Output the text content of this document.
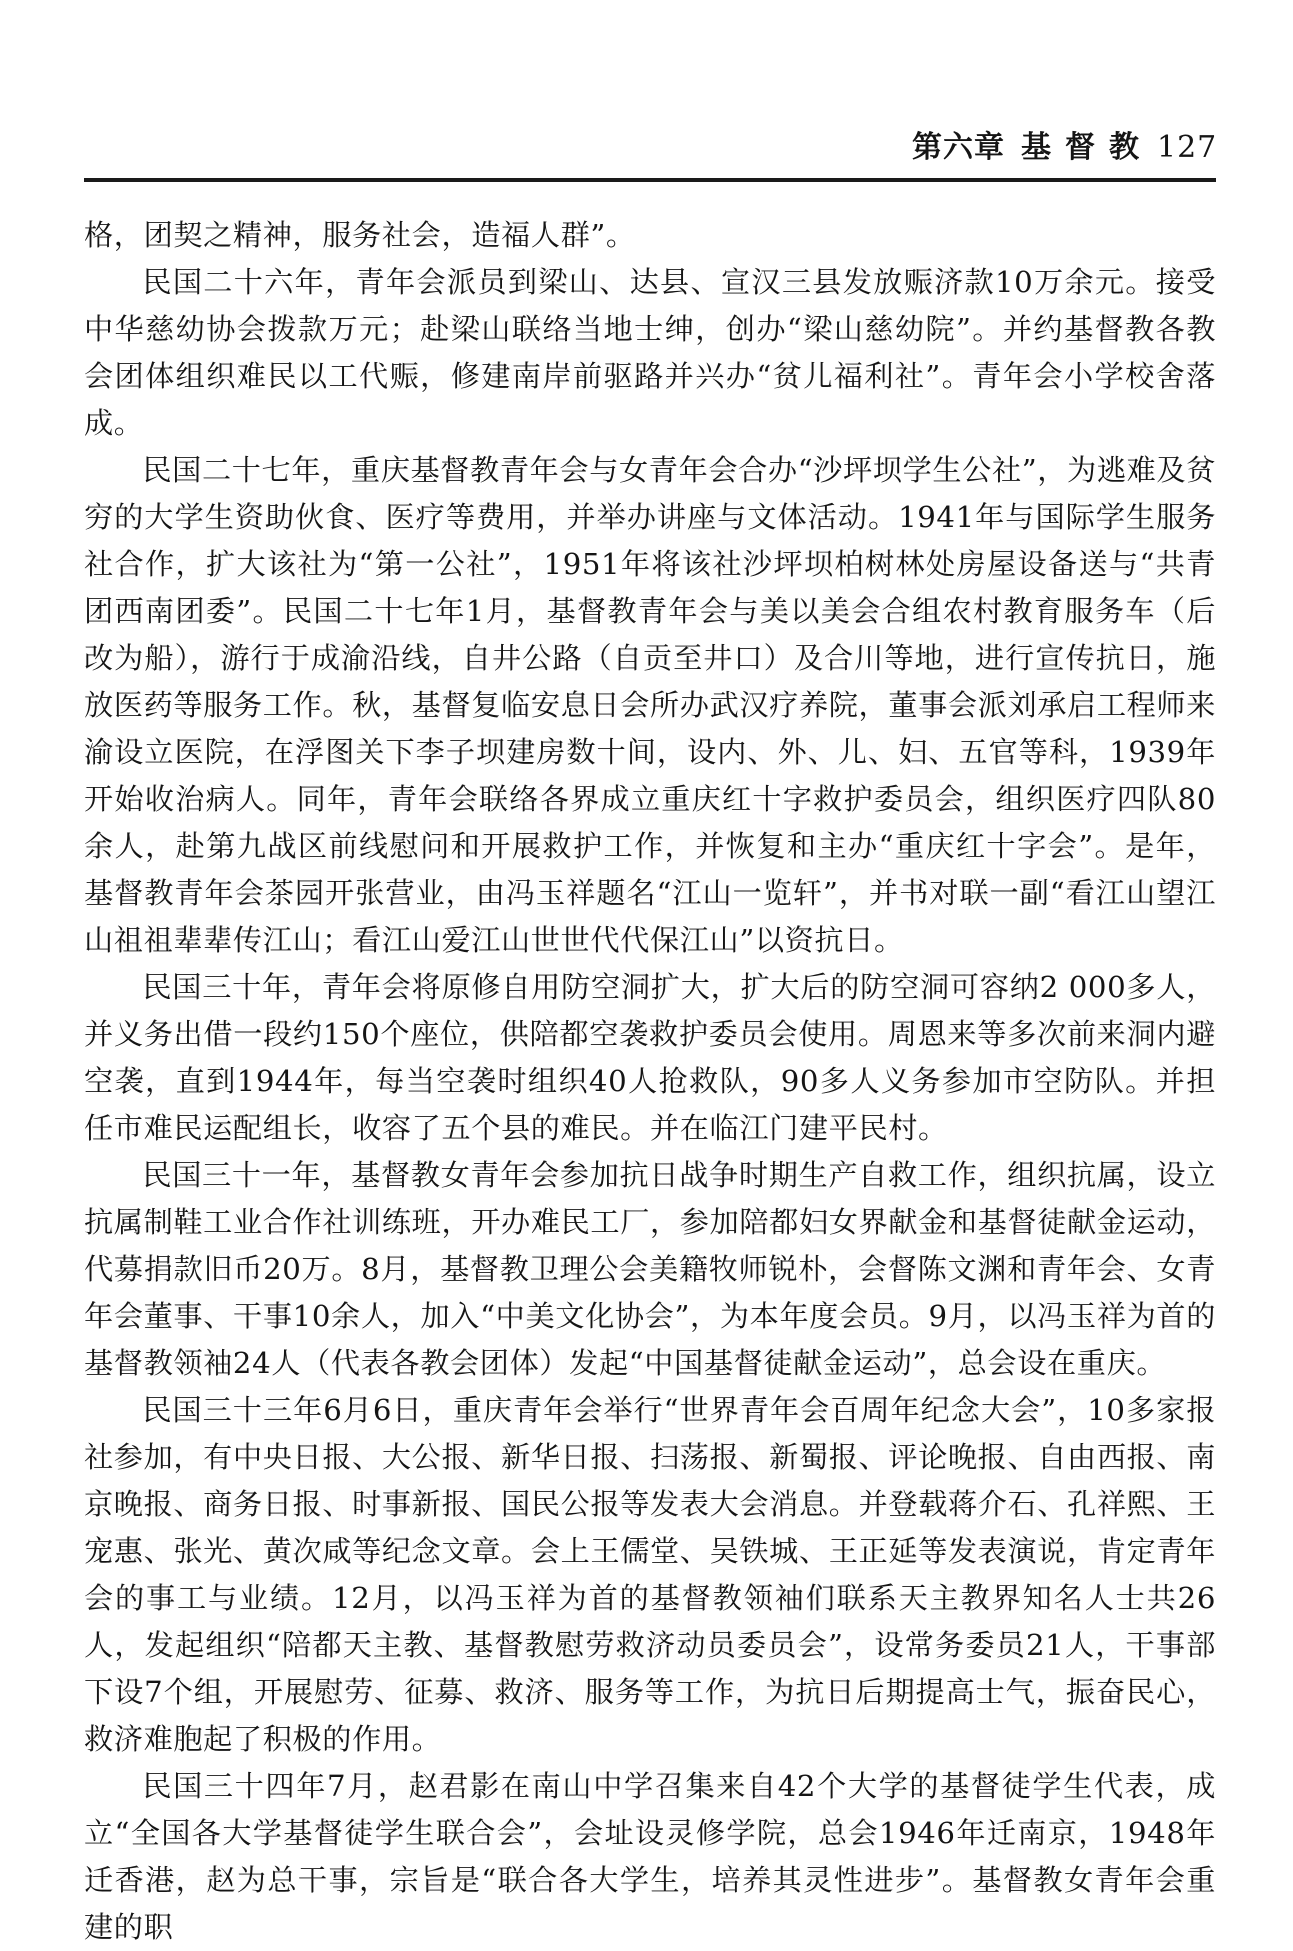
第六章 基督教 127

格，团契之精神，服务社会，造福人群”。

民国二十六年，青年会派员到梁山、达县、宣汉三县发放赈济款10万余元。接受中华慈幼协会拨款万元；赴梁山联络当地士绅，创办“梁山慈幼院”。并约基督教各教会团体组织难民以工代赈，修建南岸前驱路并兴办“贫儿福利社”。青年会小学校舍落成。

民国二十七年，重庆基督教青年会与女青年会合办“沙坪坝学生公社”，为逃难及贫穷的大学生资助伙食、医疗等费用，并举办讲座与文体活动。1941年与国际学生服务社合作，扩大该社为“第一公社”，1951年将该社沙坪坝柏树林处房屋设备送与“共青团西南团委”。民国二十七年1月，基督教青年会与美以美会合组农村教育服务车（后改为船），游行于成渝沿线，自井公路（自贡至井口）及合川等地，进行宣传抗日，施放医药等服务工作。秋，基督复临安息日会所办武汉疗养院，董事会派刘承启工程师来渝设立医院，在浮图关下李子坝建房数十间，设内、外、儿、妇、五官等科，1939年开始收治病人。同年，青年会联络各界成立重庆红十字救护委员会，组织医疗四队80余人，赴第九战区前线慰问和开展救护工作，并恢复和主办“重庆红十字会”。是年，基督教青年会茶园开张营业，由冯玉祥题名“江山一览轩”，并书对联一副“看江山望江山祖祖辈辈传江山；看江山爱江山世世代代保江山”以资抗日。

民国三十年，青年会将原修自用防空洞扩大，扩大后的防空洞可容纳2 000多人，并义务出借一段约150个座位，供陪都空袭救护委员会使用。周恩来等多次前来洞内避空袭，直到1944年，每当空袭时组织40人抢救队，90多人义务参加市空防队。并担任市难民运配组长，收容了五个县的难民。并在临江门建平民村。

民国三十一年，基督教女青年会参加抗日战争时期生产自救工作，组织抗属，设立抗属制鞋工业合作社训练班，开办难民工厂，参加陪都妇女界献金和基督徒献金运动，代募捐款旧币20万。8月，基督教卫理公会美籍牧师锐朴，会督陈文渊和青年会、女青年会董事、干事10余人，加入“中美文化协会”，为本年度会员。9月，以冯玉祥为首的基督教领袖24人（代表各教会团体）发起“中国基督徒献金运动”，总会设在重庆。

民国三十三年6月6日，重庆青年会举行“世界青年会百周年纪念大会”，10多家报社参加，有中央日报、大公报、新华日报、扫荡报、新蜀报、评论晚报、自由西报、南京晚报、商务日报、时事新报、国民公报等发表大会消息。并登载蒋介石、孔祥熙、王宠惠、张光、黄次咸等纪念文章。会上王儒堂、吴铁城、王正延等发表演说，肯定青年会的事工与业绩。12月，以冯玉祥为首的基督教领袖们联系天主教界知名人士共26人，发起组织“陪都天主教、基督教慰劳救济动员委员会”，设常务委员21人，干事部下设7个组，开展慰劳、征募、救济、服务等工作，为抗日后期提高士气，振奋民心，救济难胞起了积极的作用。

民国三十四年7月，赵君影在南山中学召集来自42个大学的基督徒学生代表，成立“全国各大学基督徒学生联合会”，会址设灵修学院，总会1946年迁南京，1948年迁香港，赵为总干事，宗旨是“联合各大学生，培养其灵性进步”。基督教女青年会重建的职
